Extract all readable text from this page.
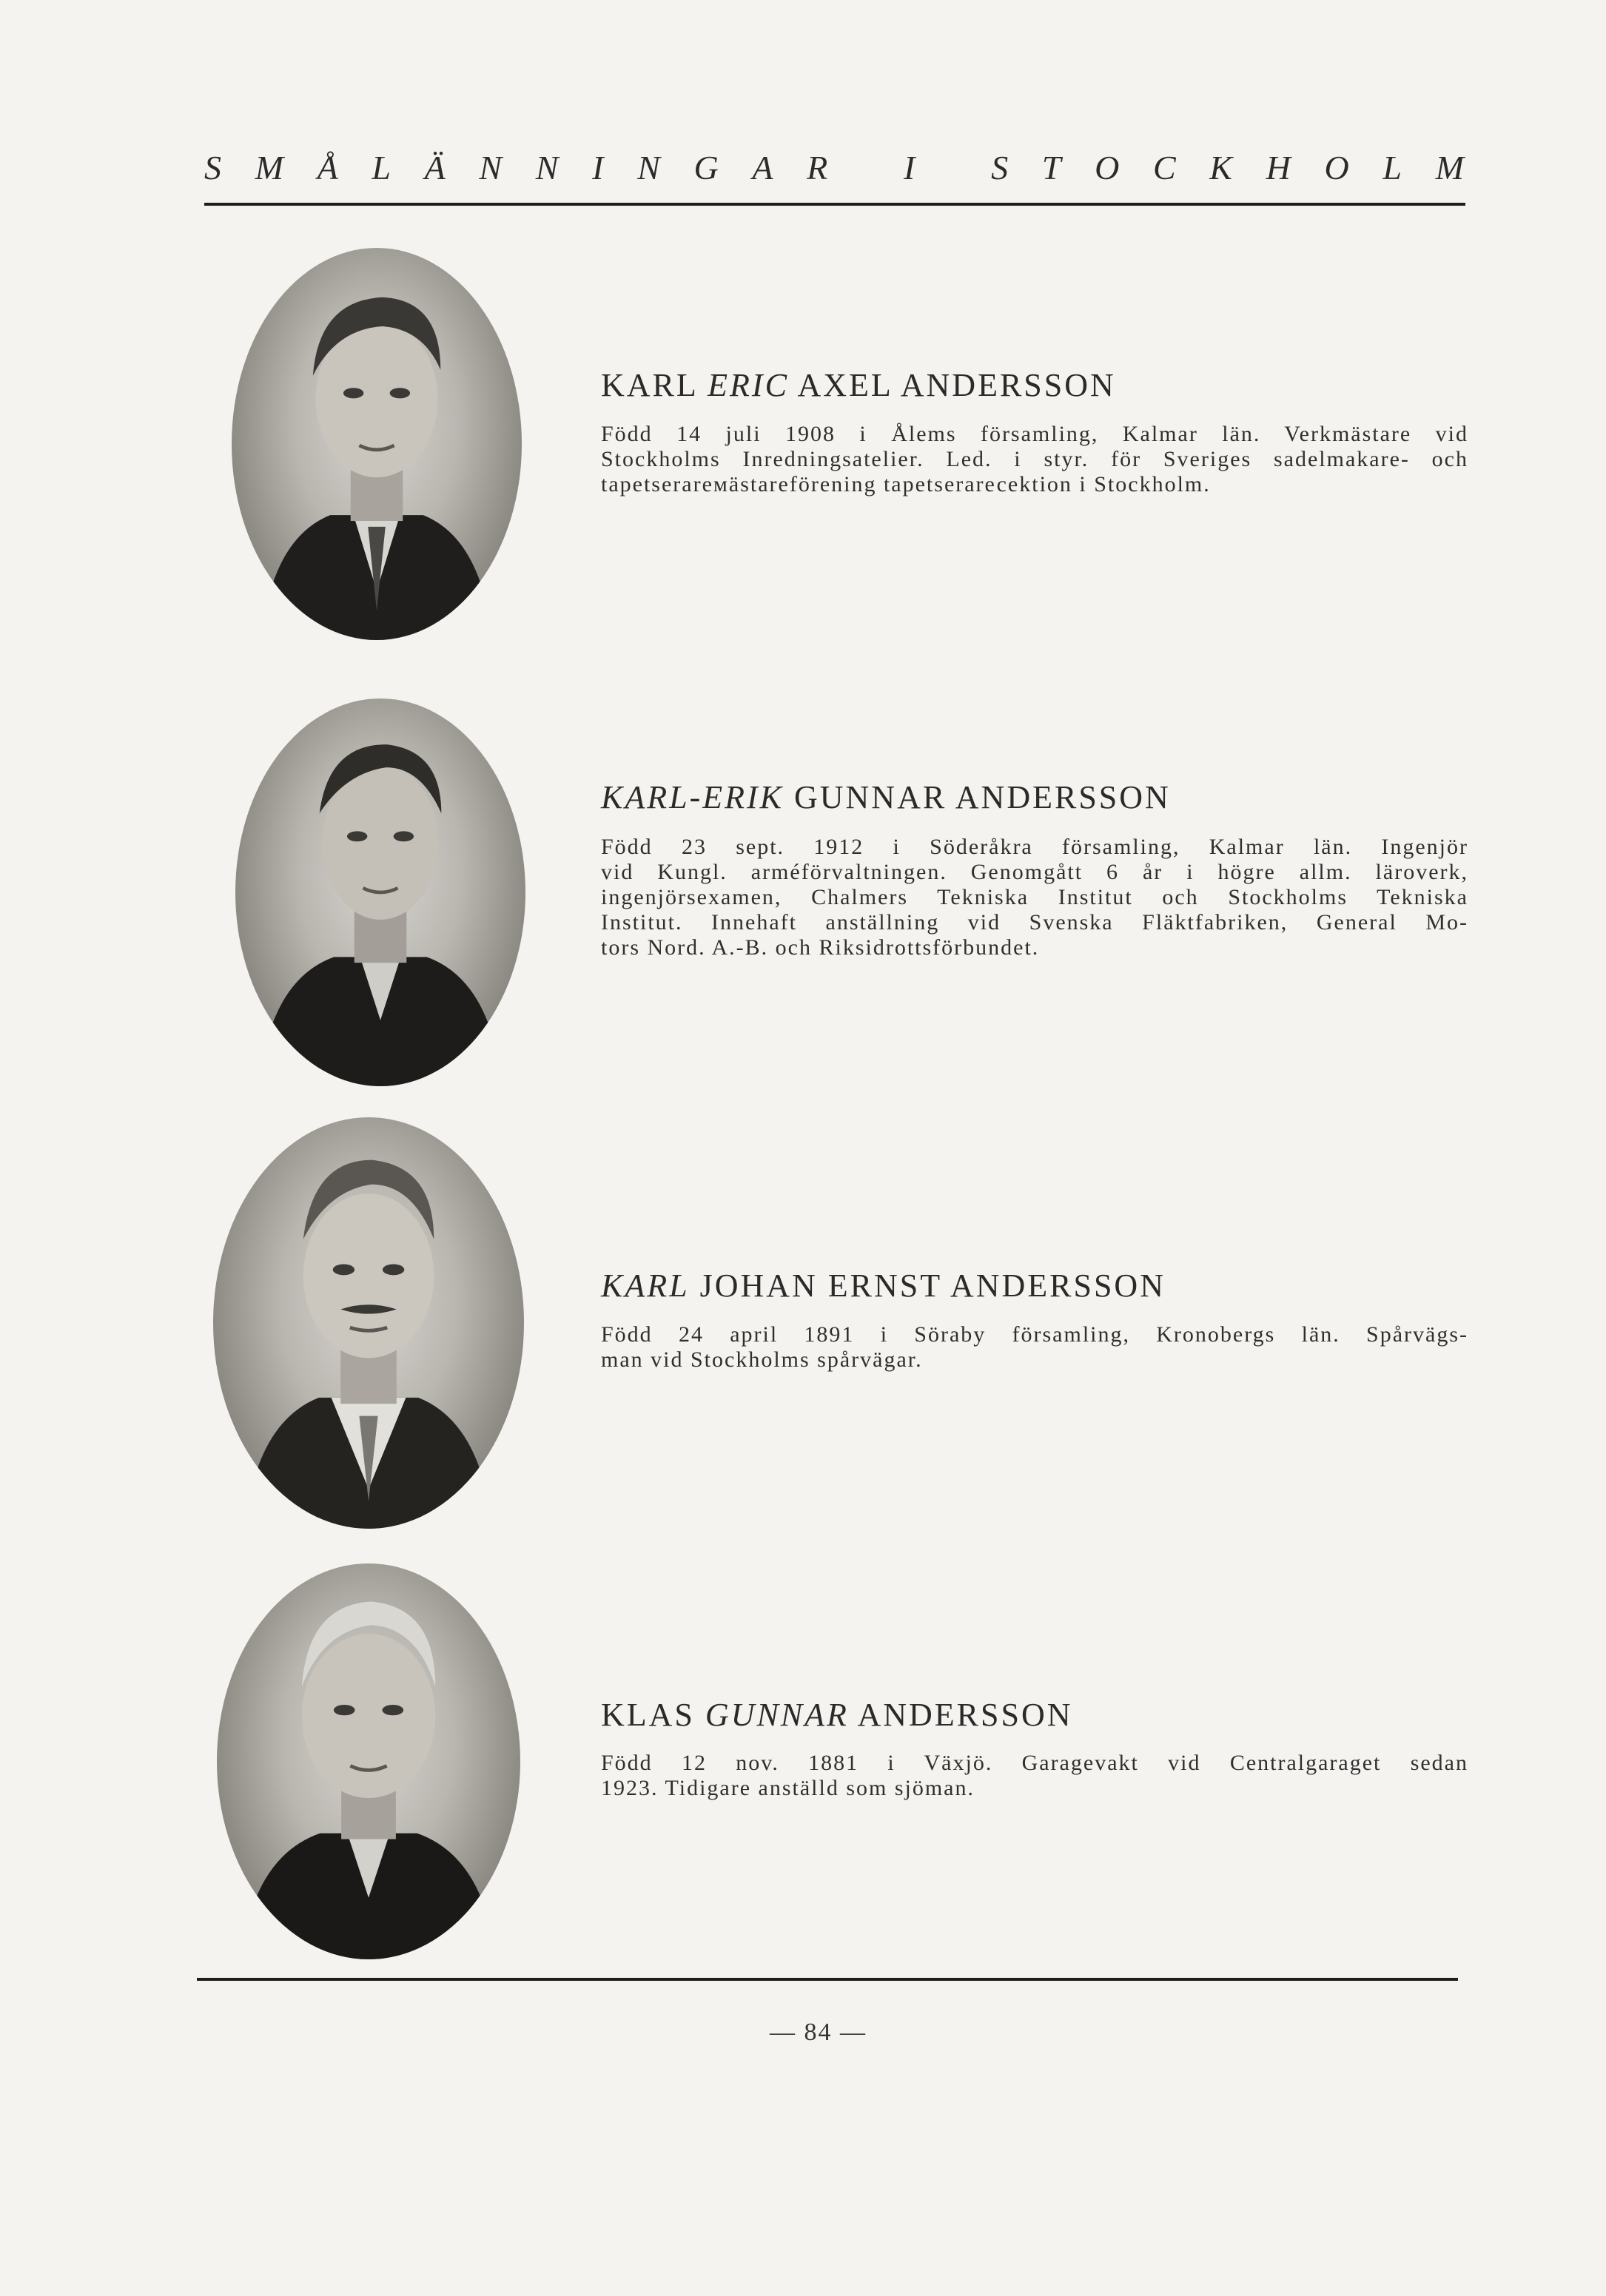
S M Å L Ä N N I N G A R
I
S T O C K H O L M
KARL ERIC AXEL ANDERSSON
Född 14 juli 1908 i Ålems församling, Kalmar län. Verkmästare vid
Stockholms Inredningsatelier. Led. i styr. för Sveriges sadelmakare- och
tapetserarемästareförening tapetserarесektion i Stockholm.
KARL-ERIK GUNNAR ANDERSSON
Född 23 sept. 1912 i Söderåkra församling, Kalmar län. Ingenjör
vid Kungl. arméförvaltningen. Genomgått 6 år i högre allm. läroverk,
ingenjörsexamen, Chalmers Tekniska Institut och Stockholms Tekniska
Institut. Innehaft anställning vid Svenska Fläktfabriken, General Mo-
tors Nord. A.-B. och Riksidrottsförbundet.
KARL JOHAN ERNST ANDERSSON
Född 24 april 1891 i Söraby församling, Kronobergs län. Spårvägs-
man vid Stockholms spårvägar.
KLAS GUNNAR ANDERSSON
Född 12 nov. 1881 i Växjö. Garagevakt vid Centralgaraget sedan
1923. Tidigare anställd som sjöman.
— 84 —
